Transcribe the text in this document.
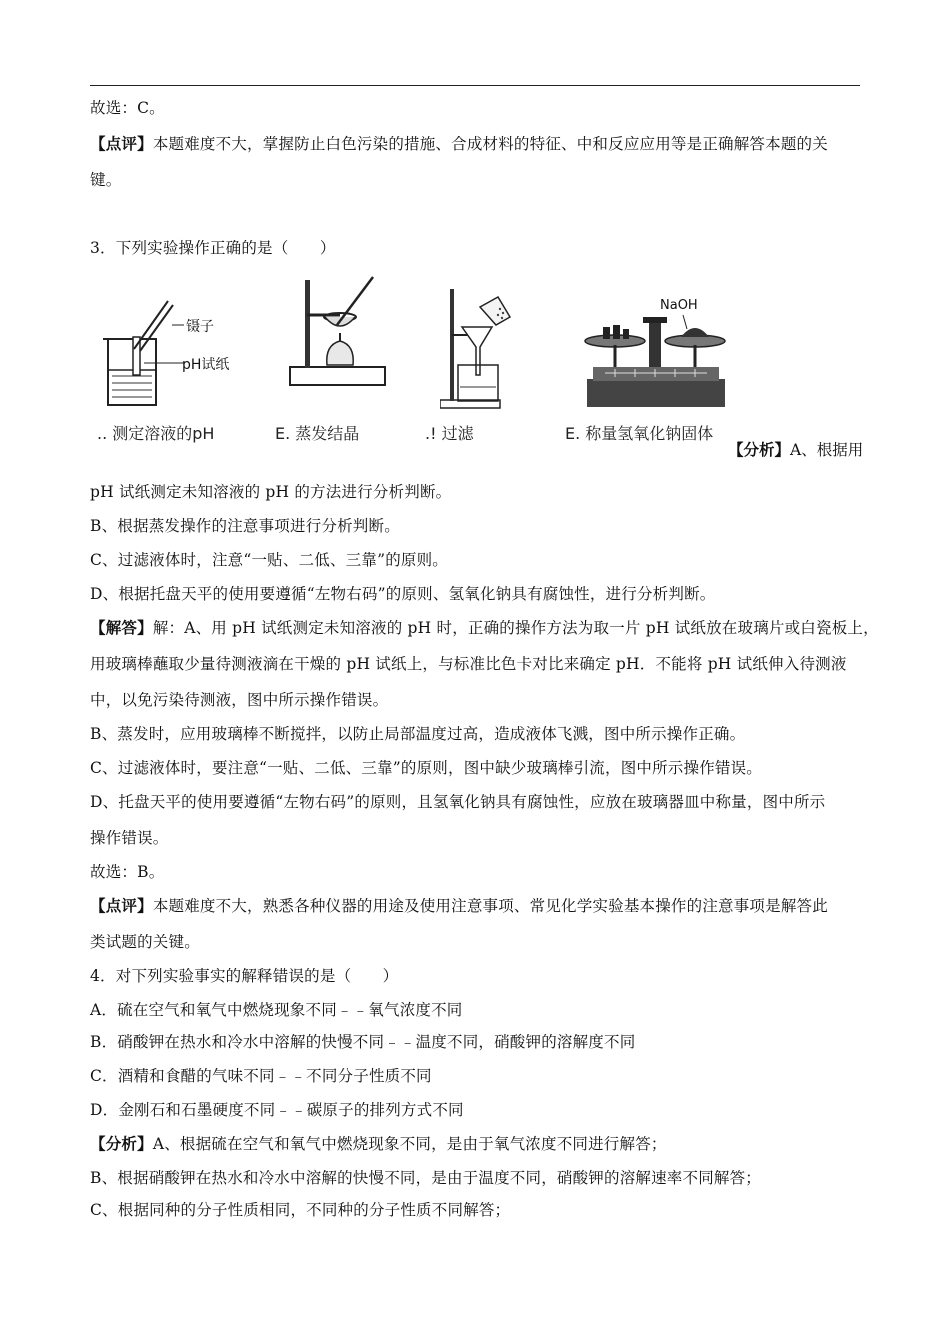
故选：C。
【点评】本题难度不大，掌握防止白色污染的措施、合成材料的特征、中和反应应用等是正确解答本题的关
键。
3．下列实验操作正确的是（　　）
镊子
pH试纸
NaOH
.. 测定溶液的pH	E. 蒸发结晶	.! 过滤	E. 称量氢氧化钠固体
【分析】A、根据用
pH 试纸测定未知溶液的 pH 的方法进行分析判断。
B、根据蒸发操作的注意事项进行分析判断。
C、过滤液体时，注意“一贴、二低、三靠”的原则。
D、根据托盘天平的使用要遵循“左物右码”的原则、氢氧化钠具有腐蚀性，进行分析判断。
【解答】解：A、用 pH 试纸测定未知溶液的 pH 时，正确的操作方法为取一片 pH 试纸放在玻璃片或白瓷板上，
用玻璃棒蘸取少量待测液滴在干燥的 pH 试纸上，与标准比色卡对比来确定 pH．不能将 pH 试纸伸入待测液
中，以免污染待测液，图中所示操作错误。
B、蒸发时，应用玻璃棒不断搅拌，以防止局部温度过高，造成液体飞溅，图中所示操作正确。
C、过滤液体时，要注意“一贴、二低、三靠”的原则，图中缺少玻璃棒引流，图中所示操作错误。
D、托盘天平的使用要遵循“左物右码”的原则，且氢氧化钠具有腐蚀性，应放在玻璃器皿中称量，图中所示
操作错误。
故选：B。
【点评】本题难度不大，熟悉各种仪器的用途及使用注意事项、常见化学实验基本操作的注意事项是解答此
类试题的关键。
4．对下列实验事实的解释错误的是（　　）
A．硫在空气和氧气中燃烧现象不同﹣﹣氧气浓度不同
B．硝酸钾在热水和冷水中溶解的快慢不同﹣﹣温度不同，硝酸钾的溶解度不同
C．酒精和食醋的气味不同﹣﹣不同分子性质不同
D．金刚石和石墨硬度不同﹣﹣碳原子的排列方式不同
【分析】A、根据硫在空气和氧气中燃烧现象不同，是由于氧气浓度不同进行解答；
B、根据硝酸钾在热水和冷水中溶解的快慢不同，是由于温度不同，硝酸钾的溶解速率不同解答；
C、根据同种的分子性质相同，不同种的分子性质不同解答；
